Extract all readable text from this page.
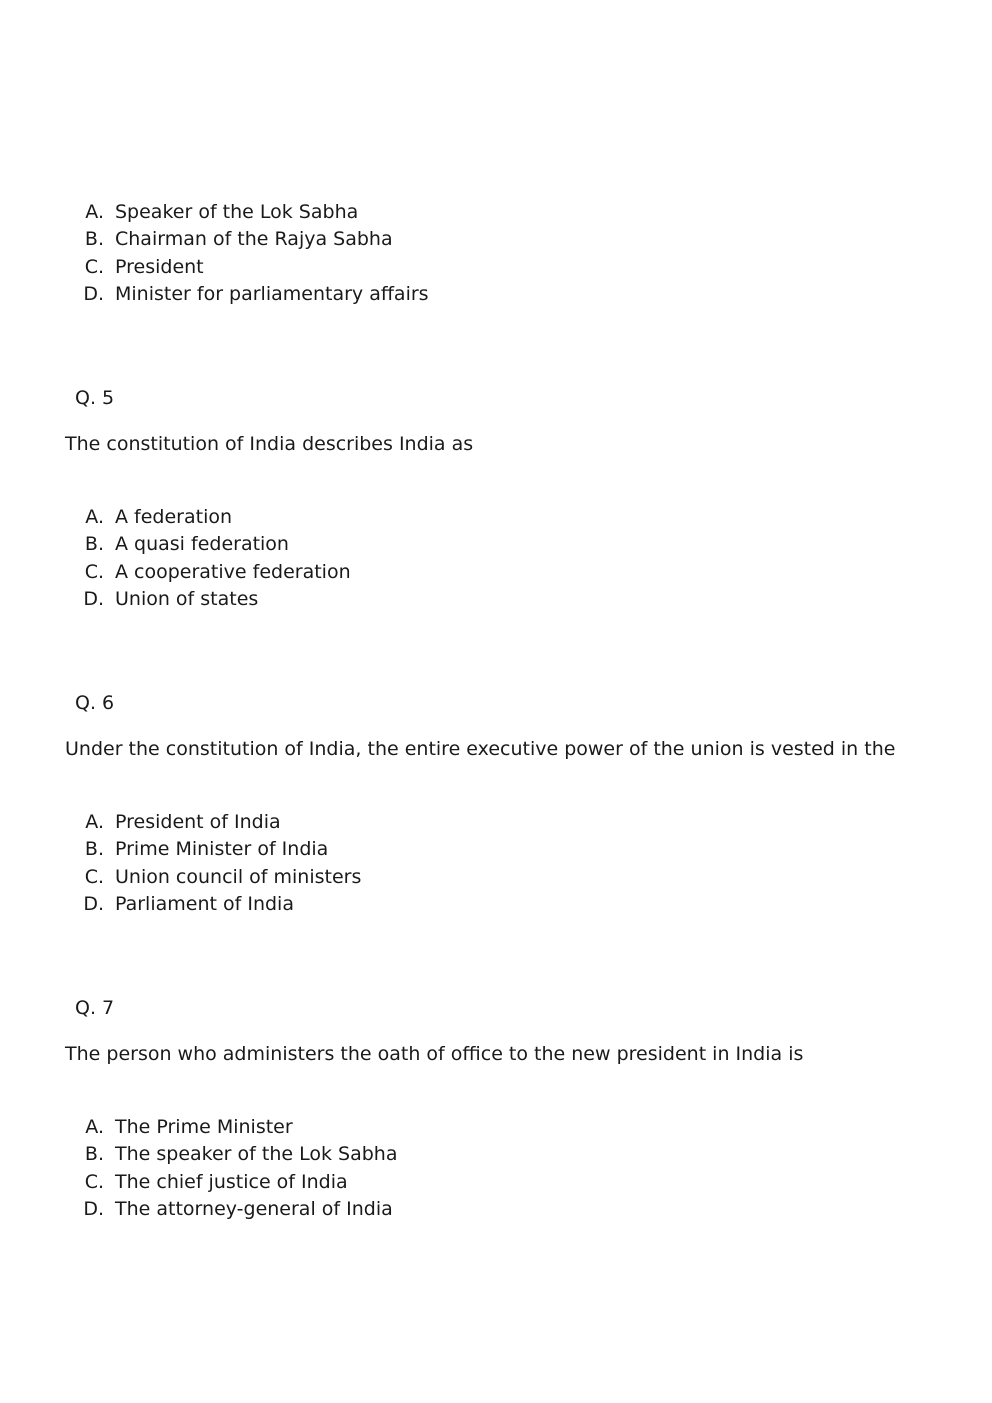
A. Speaker of the Lok Sabha
B. Chairman of the Rajya Sabha
C. President
D. Minister for parliamentary affairs
Q. 5
The constitution of India describes India as
A. A federation
B. A quasi federation
C. A cooperative federation
D. Union of states
Q. 6
Under the constitution of India, the entire executive power of the union is vested in the
A. President of India
B. Prime Minister of India
C. Union council of ministers
D. Parliament of India
Q. 7
The person who administers the oath of office to the new president in India is
A. The Prime Minister
B. The speaker of the Lok Sabha
C. The chief justice of India
D. The attorney-general of India
